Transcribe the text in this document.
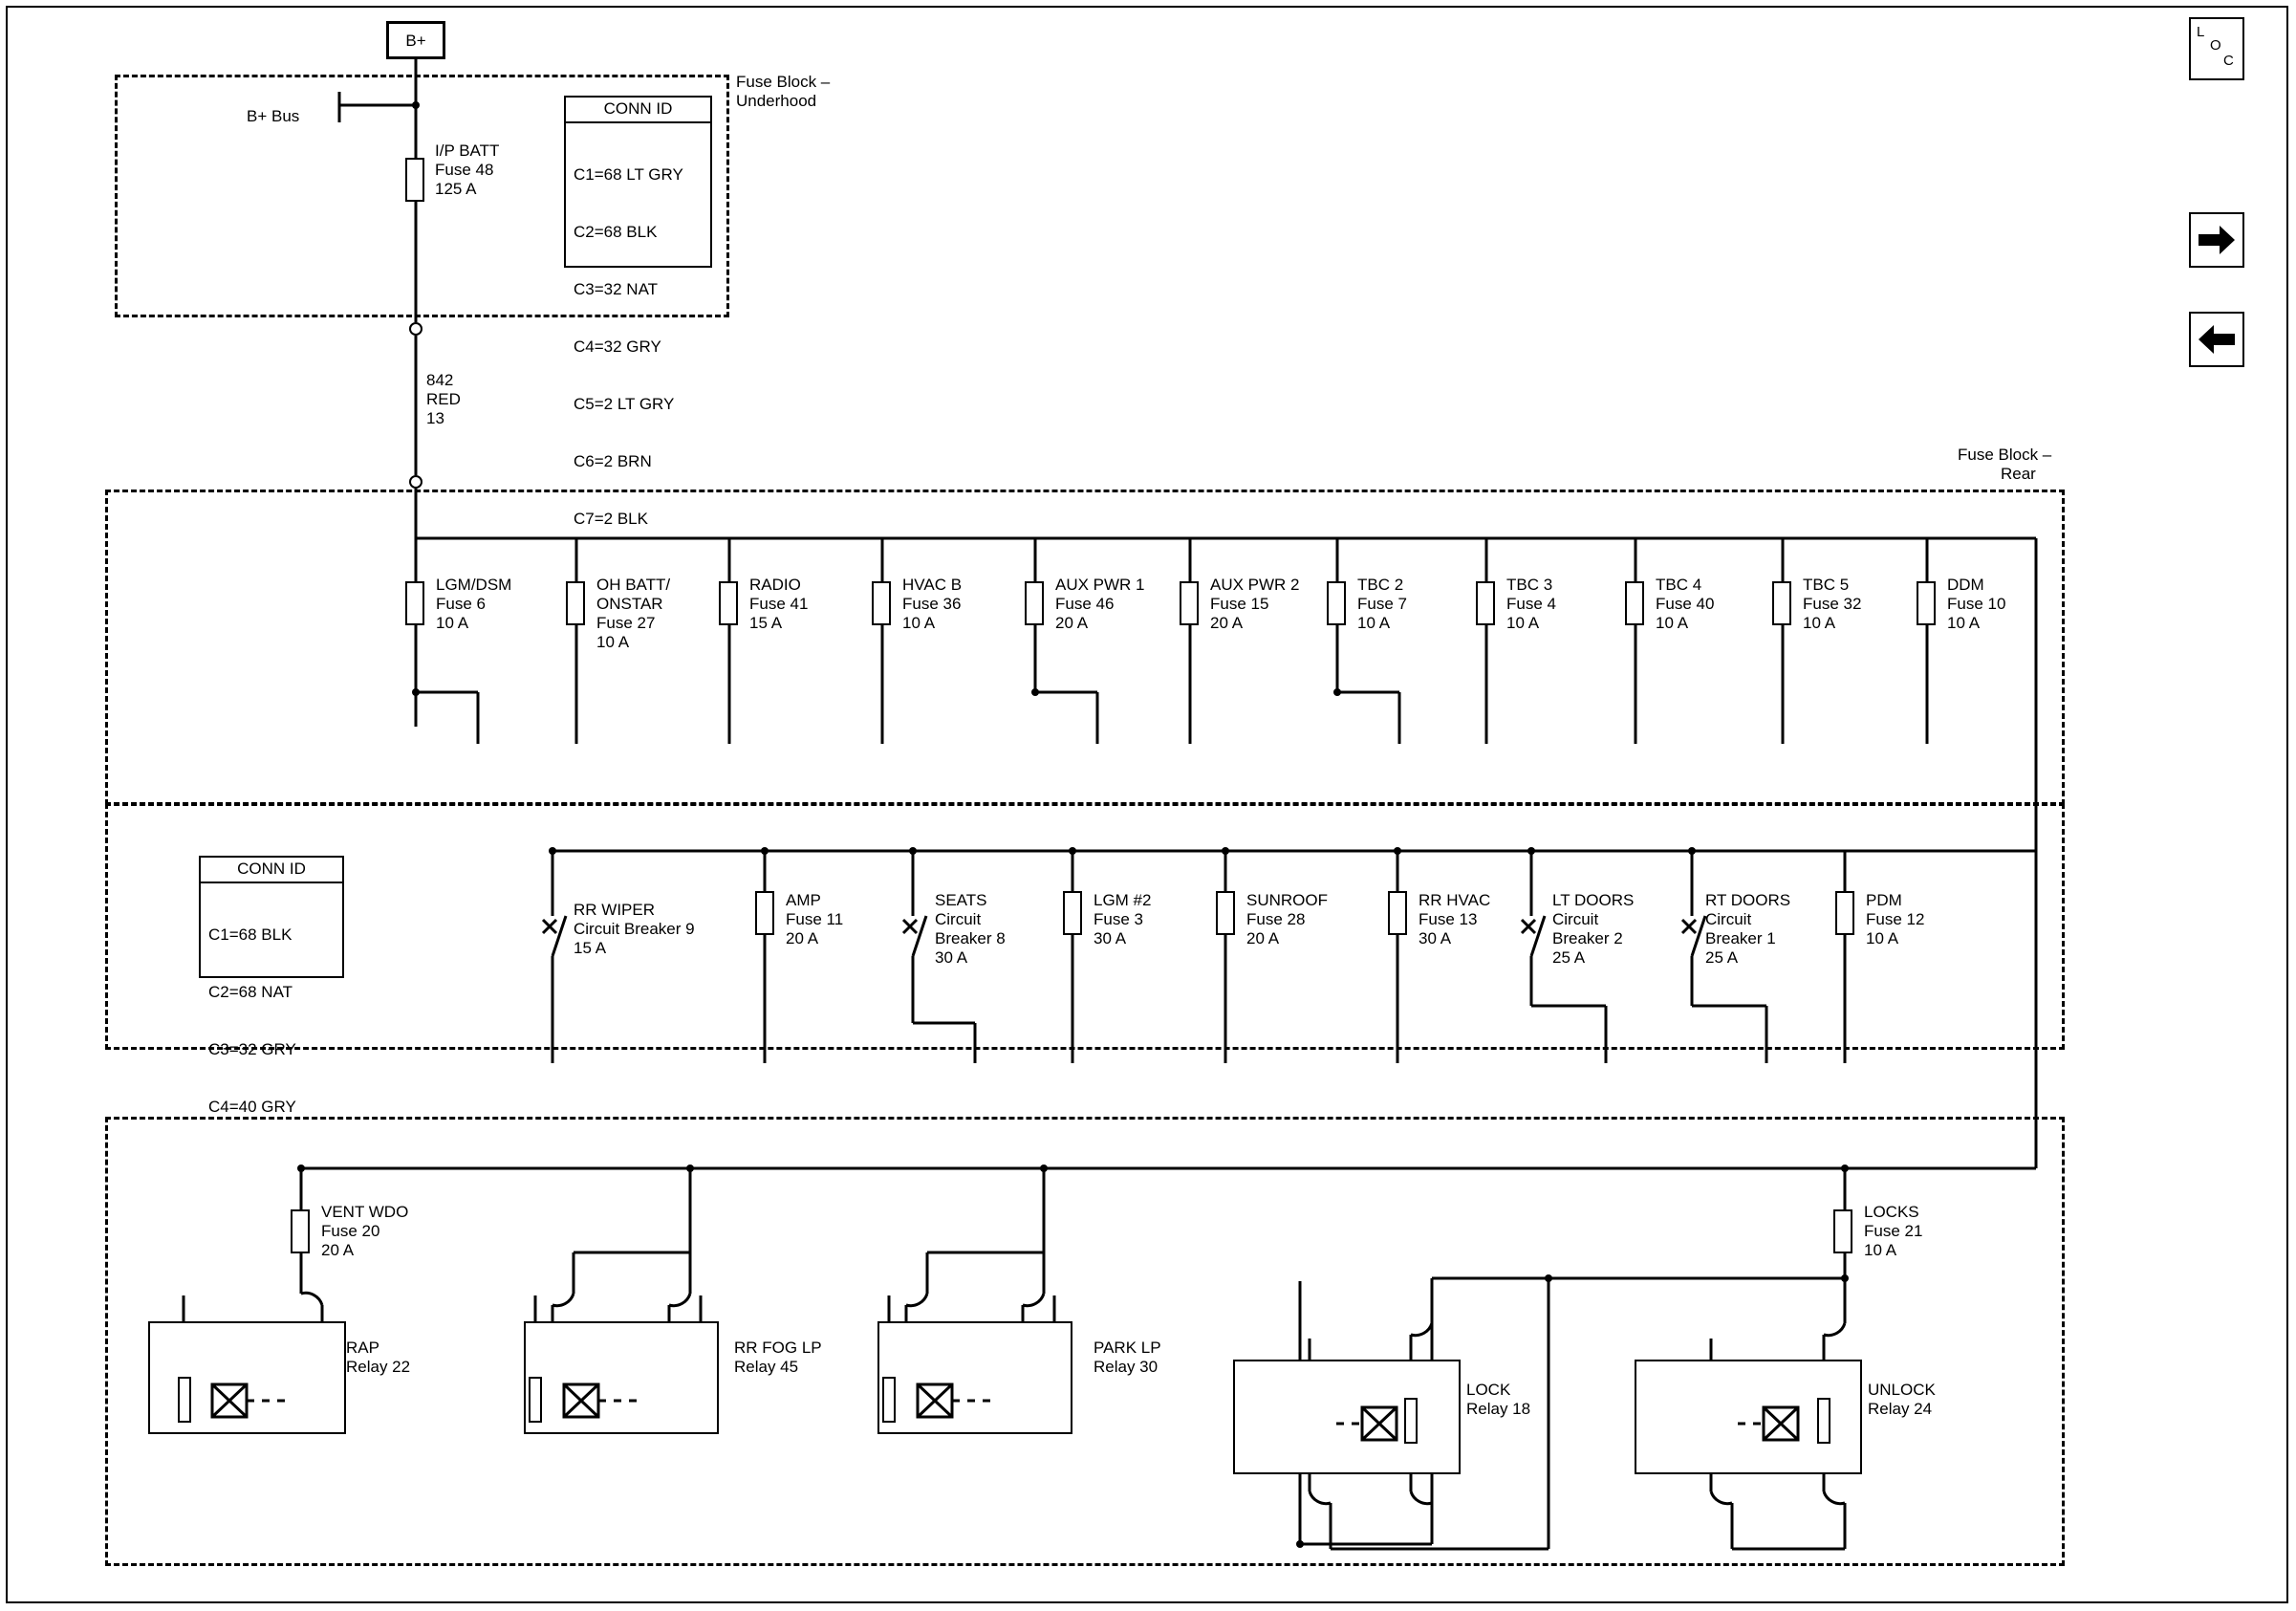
L
O
C
B+
Fuse Block –
Underhood
B+ Bus	CONN ID

C1=68 LT GRY

C2=68 BLK

C3=32 NAT

C4=32 GRY

C5=2 LT GRY

C6=2 BRN

C7=2 BLK

I/P BATT
Fuse 48
125 A
842
RED
13
Fuse Block –
Rear
LGM/DSM
Fuse 6
10 A
OH BATT/
ONSTAR
Fuse 27
10 A
RADIO
Fuse 41
15 A
HVAC B
Fuse 36
10 A
AUX PWR 1
Fuse 46
20 A
AUX PWR 2
Fuse 15
20 A
TBC 2
Fuse 7
10 A
TBC 3
Fuse 4
10 A
TBC 4
Fuse 40
10 A
TBC 5
Fuse 32
10 A
DDM
Fuse 10
10 A
CONN ID

C1=68 BLK

C2=68 NAT

C3=32 GRY

C4=40 GRY

RR WIPER
Circuit Breaker 9
15 A
AMP
Fuse 11
20 A
SEATS
Circuit
Breaker 8
30 A
LGM #2
Fuse 3
30 A
SUNROOF
Fuse 28
20 A
RR HVAC
Fuse 13
30 A
LT DOORS
Circuit
Breaker 2
25 A
RT DOORS
Circuit
Breaker 1
25 A
PDM
Fuse 12
10 A
VENT WDO
Fuse 20
20 A
LOCKS
Fuse 21
10 A
RAP
Relay 22
RR FOG LP
Relay 45
PARK LP
Relay 30
LOCK
Relay 18
UNLOCK
Relay 24
